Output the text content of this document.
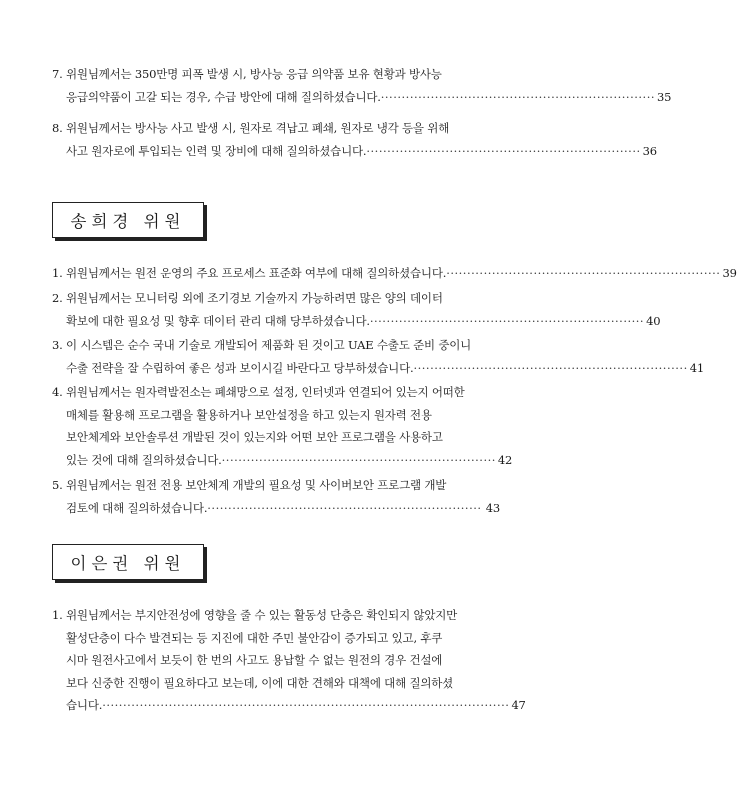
7. 위원님께서는 350만명 피폭 발생 시, 방사능 응급 의약품 보유 현황과 방사능
응급의약품이 고갈 되는 경우, 수급 방안에 대해 질의하셨습니다. ·································································· 35
8. 위원님께서는 방사능 사고 발생 시, 원자로 격납고 폐쇄, 원자로 냉각 등을 위해
사고 원자로에 투입되는 인력 및 장비에 대해 질의하셨습니다. ·································································· 36
송희경 위원
1. 위원님께서는 원전 운영의 주요 프로세스 표준화 여부에 대해 질의하셨습니다. ·································································· 39
2. 위원님께서는 모니터링 외에 조기경보 기술까지 가능하려면 많은 양의 데이터
확보에 대한 필요성 및 향후 데이터 관리 대해 당부하셨습니다. ·································································· 40
3. 이 시스템은 순수 국내 기술로 개발되어 제품화 된 것이고 UAE 수출도 준비 중이니
수출 전략을 잘 수립하여 좋은 성과 보이시길 바란다고 당부하셨습니다. ·································································· 41
4. 위원님께서는 원자력발전소는 폐쇄망으로 설정, 인터넷과 연결되어 있는지 어떠한
매체를 활용해 프로그램을 활용하거나 보안설정을 하고 있는지 원자력 전용
보안체계와 보안솔루션 개발된 것이 있는지와 어떤 보안 프로그램을 사용하고
있는 것에 대해 질의하셨습니다. ·································································· 42
5. 위원님께서는 원전 전용 보안체계 개발의 필요성 및 사이버보안 프로그램 개발
검토에 대해 질의하셨습니다. ·································································· 43
이은권 위원
1. 위원님께서는 부지안전성에 영향을 줄 수 있는 활동성 단층은 확인되지 않았지만
활성단층이 다수 발견되는 등 지진에 대한 주민 불안감이 증가되고 있고, 후쿠
시마 원전사고에서 보듯이 한 번의 사고도 용납할 수 없는 원전의 경우 건설에
보다 신중한 진행이 필요하다고 보는데, 이에 대한 견해와 대책에 대해 질의하셨
습니다. ·································································································· 47
